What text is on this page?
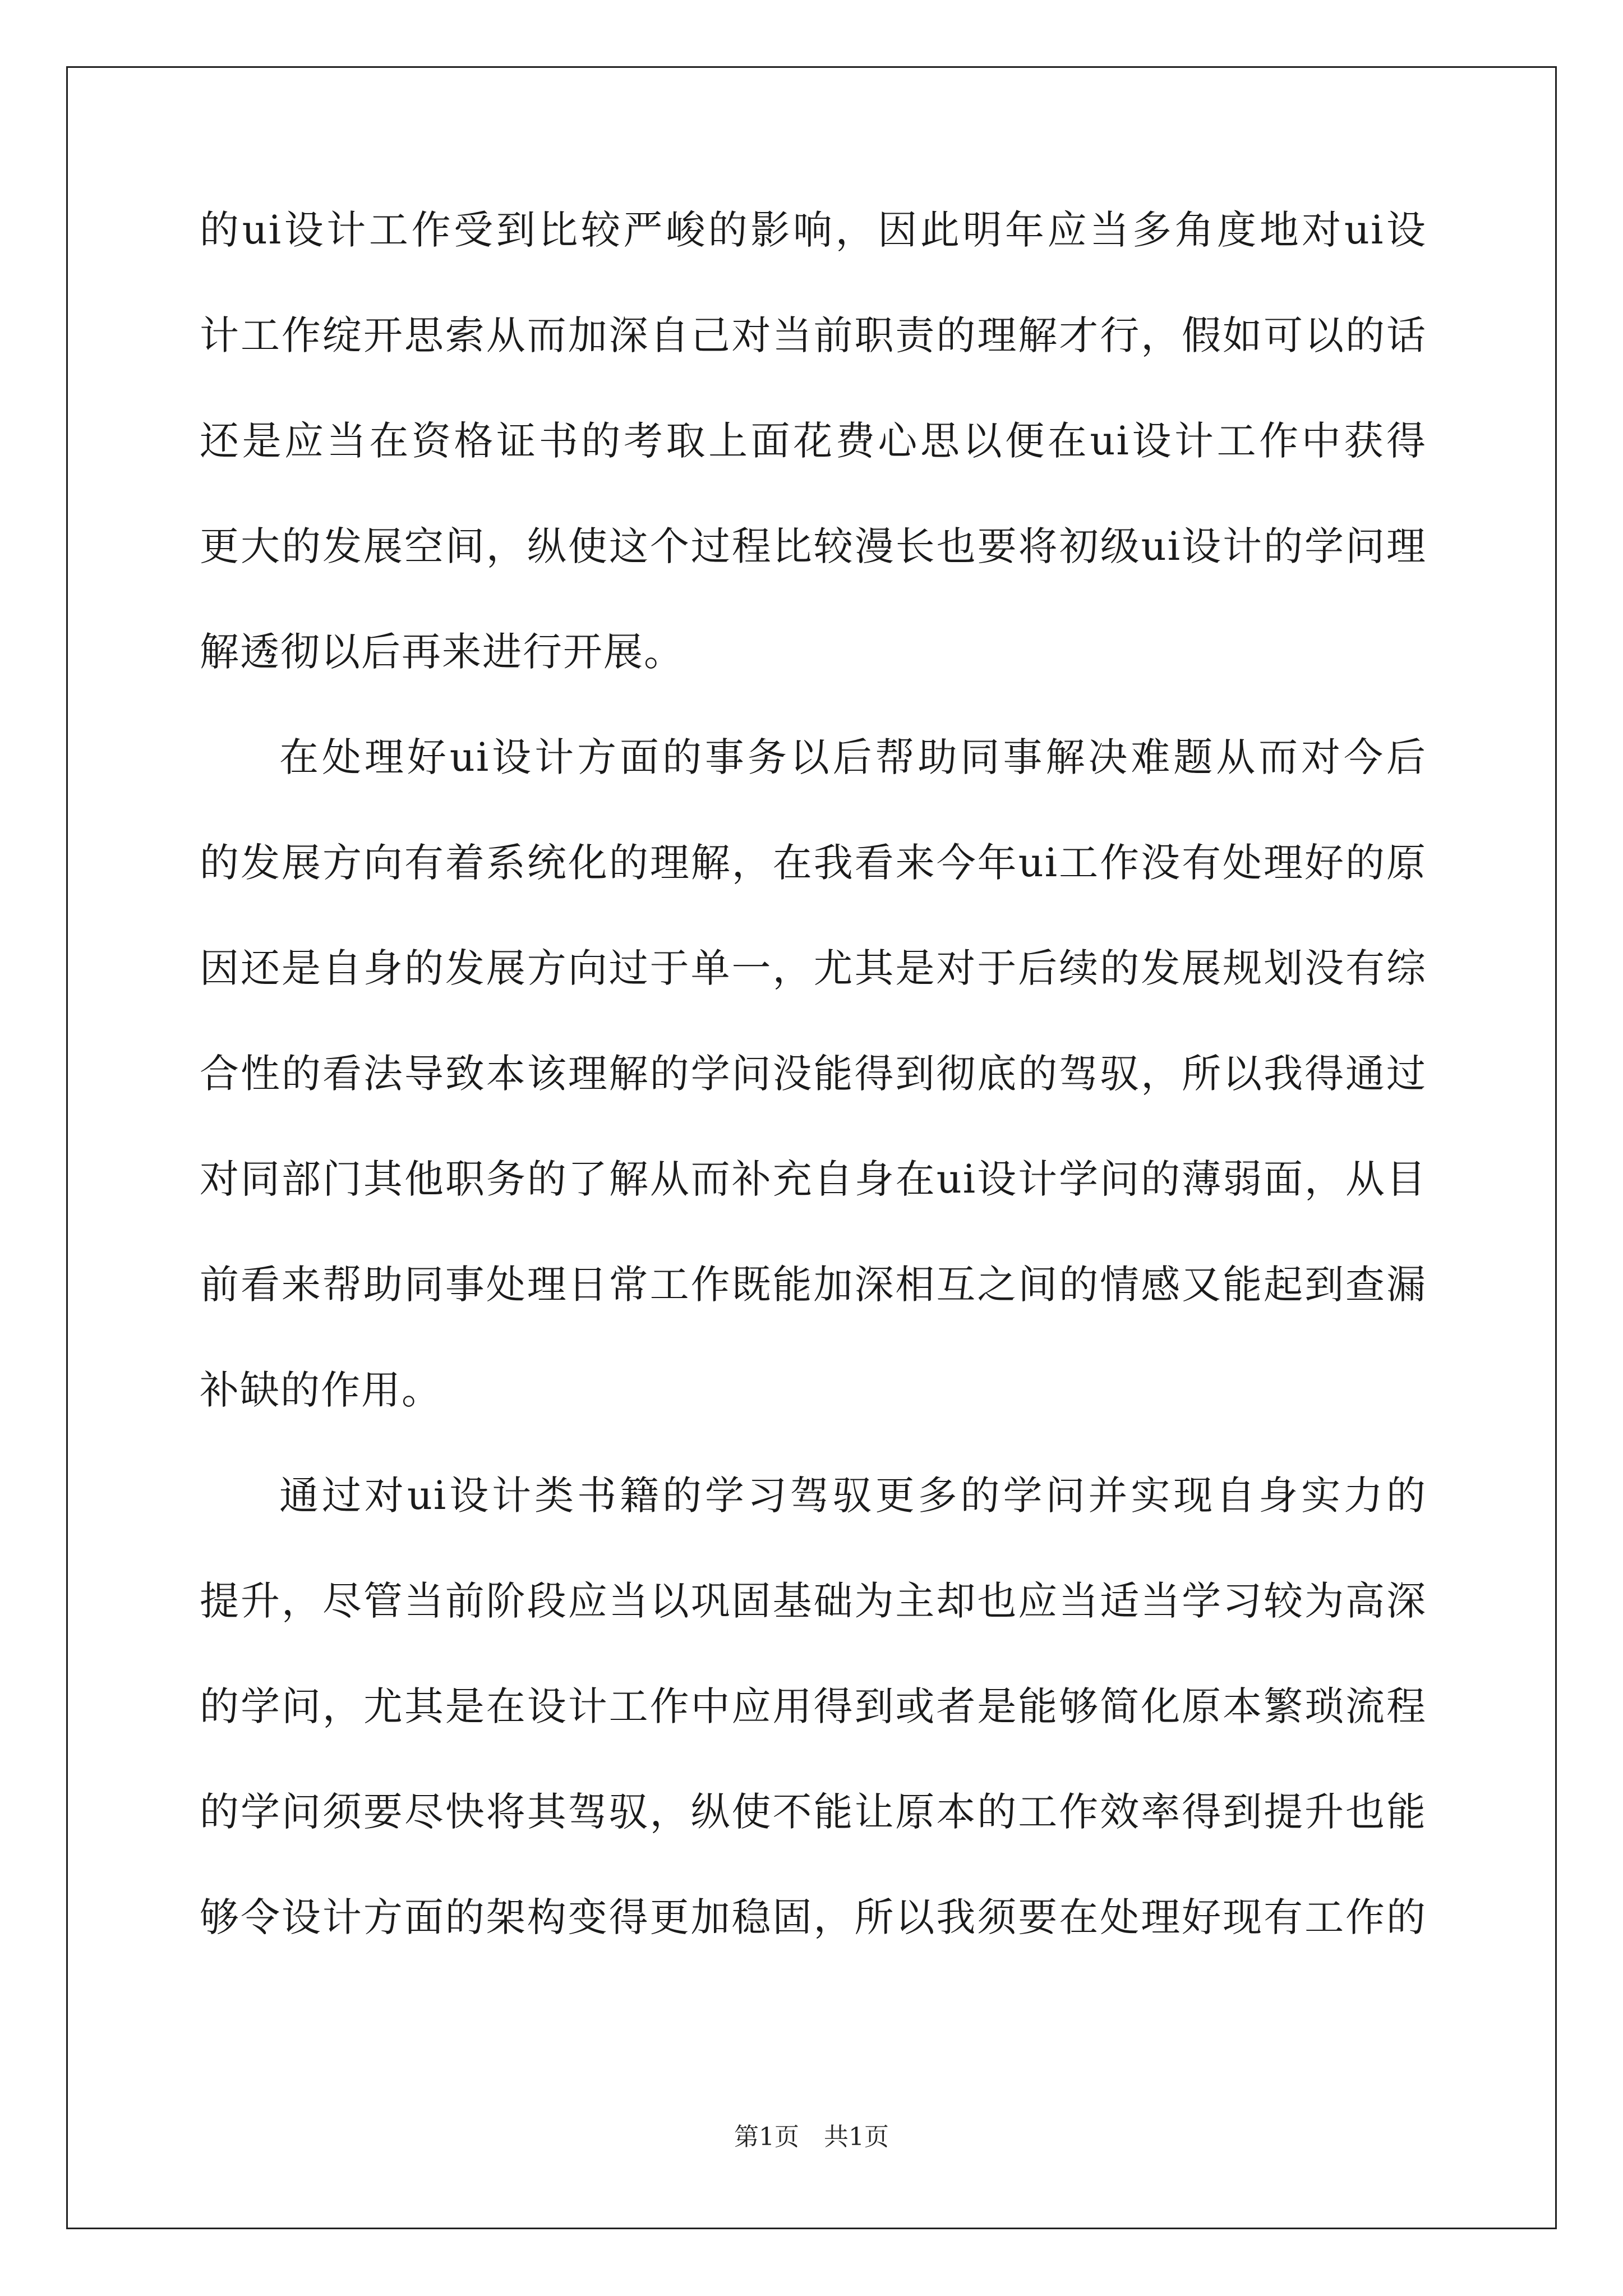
的ui设计工作受到比较严峻的影响，因此明年应当多角度地对ui设
计工作绽开思索从而加深自己对当前职责的理解才行，假如可以的话
还是应当在资格证书的考取上面花费心思以便在ui设计工作中获得
更大的发展空间，纵使这个过程比较漫长也要将初级ui设计的学问理
解透彻以后再来进行开展。
在处理好ui设计方面的事务以后帮助同事解决难题从而对今后
的发展方向有着系统化的理解，在我看来今年ui工作没有处理好的原
因还是自身的发展方向过于单一，尤其是对于后续的发展规划没有综
合性的看法导致本该理解的学问没能得到彻底的驾驭，所以我得通过
对同部门其他职务的了解从而补充自身在ui设计学问的薄弱面，从目
前看来帮助同事处理日常工作既能加深相互之间的情感又能起到查漏
补缺的作用。
通过对ui设计类书籍的学习驾驭更多的学问并实现自身实力的
提升，尽管当前阶段应当以巩固基础为主却也应当适当学习较为高深
的学问，尤其是在设计工作中应用得到或者是能够简化原本繁琐流程
的学问须要尽快将其驾驭，纵使不能让原本的工作效率得到提升也能
够令设计方面的架构变得更加稳固，所以我须要在处理好现有工作的
第1页　共1页
